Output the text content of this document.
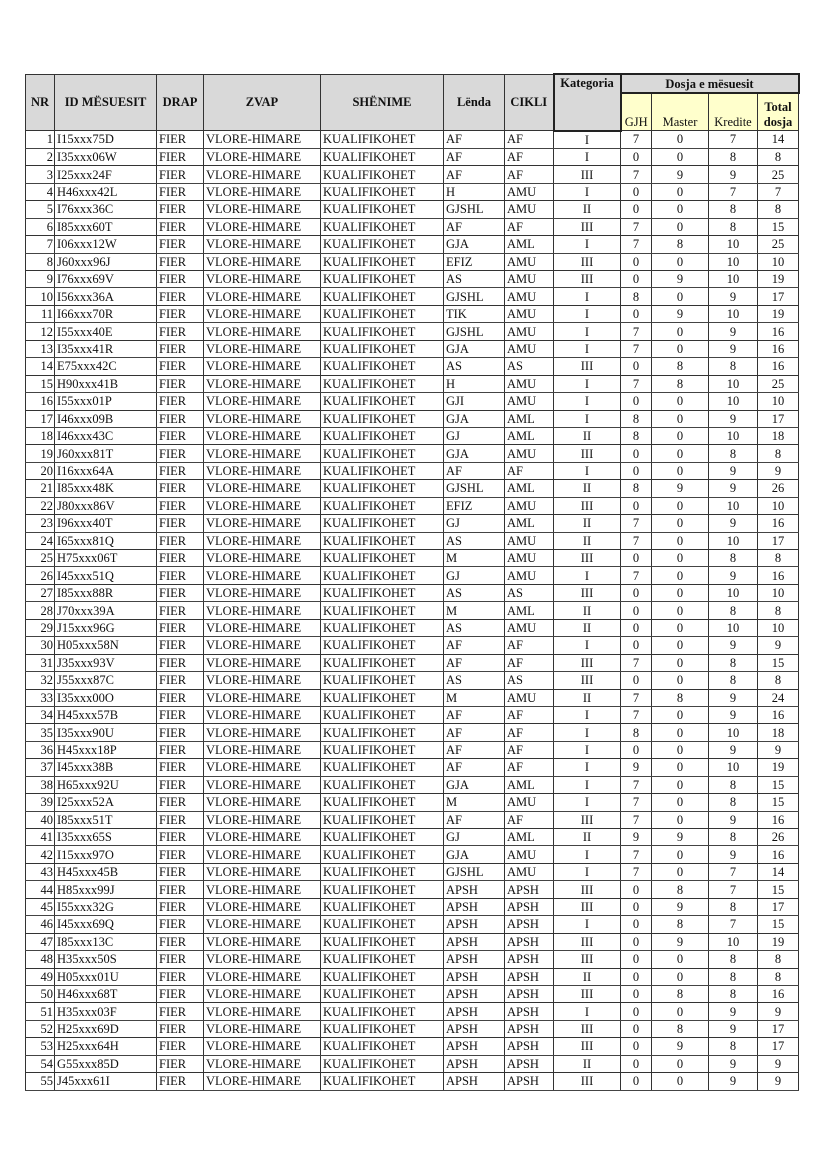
NR	ID MËSUESIT	DRAP	ZVAP	SHËNIME	Lënda	CIKLI	Kategoria	Dosja e mësuesit			
								GJH	Master	Kredite	Total dosja
1	I15xxx75D	FIER	VLORE-HIMARE	KUALIFIKOHET	AF	AF	I	7	0	7	14
2	I35xxx06W	FIER	VLORE-HIMARE	KUALIFIKOHET	AF	AF	I	0	0	8	8
3	I25xxx24F	FIER	VLORE-HIMARE	KUALIFIKOHET	AF	AF	III	7	9	9	25
4	H46xxx42L	FIER	VLORE-HIMARE	KUALIFIKOHET	H	AMU	I	0	0	7	7
5	I76xxx36C	FIER	VLORE-HIMARE	KUALIFIKOHET	GJSHL	AMU	II	0	0	8	8
6	I85xxx60T	FIER	VLORE-HIMARE	KUALIFIKOHET	AF	AF	III	7	0	8	15
7	I06xxx12W	FIER	VLORE-HIMARE	KUALIFIKOHET	GJA	AML	I	7	8	10	25
8	J60xxx96J	FIER	VLORE-HIMARE	KUALIFIKOHET	EFIZ	AMU	III	0	0	10	10
9	I76xxx69V	FIER	VLORE-HIMARE	KUALIFIKOHET	AS	AMU	III	0	9	10	19
10	I56xxx36A	FIER	VLORE-HIMARE	KUALIFIKOHET	GJSHL	AMU	I	8	0	9	17
11	I66xxx70R	FIER	VLORE-HIMARE	KUALIFIKOHET	TIK	AMU	I	0	9	10	19
12	I55xxx40E	FIER	VLORE-HIMARE	KUALIFIKOHET	GJSHL	AMU	I	7	0	9	16
13	I35xxx41R	FIER	VLORE-HIMARE	KUALIFIKOHET	GJA	AMU	I	7	0	9	16
14	E75xxx42C	FIER	VLORE-HIMARE	KUALIFIKOHET	AS	AS	III	0	8	8	16
15	H90xxx41B	FIER	VLORE-HIMARE	KUALIFIKOHET	H	AMU	I	7	8	10	25
16	I55xxx01P	FIER	VLORE-HIMARE	KUALIFIKOHET	GJI	AMU	I	0	0	10	10
17	I46xxx09B	FIER	VLORE-HIMARE	KUALIFIKOHET	GJA	AML	I	8	0	9	17
18	I46xxx43C	FIER	VLORE-HIMARE	KUALIFIKOHET	GJ	AML	II	8	0	10	18
19	J60xxx81T	FIER	VLORE-HIMARE	KUALIFIKOHET	GJA	AMU	III	0	0	8	8
20	I16xxx64A	FIER	VLORE-HIMARE	KUALIFIKOHET	AF	AF	I	0	0	9	9
21	I85xxx48K	FIER	VLORE-HIMARE	KUALIFIKOHET	GJSHL	AML	II	8	9	9	26
22	J80xxx86V	FIER	VLORE-HIMARE	KUALIFIKOHET	EFIZ	AMU	III	0	0	10	10
23	I96xxx40T	FIER	VLORE-HIMARE	KUALIFIKOHET	GJ	AML	II	7	0	9	16
24	I65xxx81Q	FIER	VLORE-HIMARE	KUALIFIKOHET	AS	AMU	II	7	0	10	17
25	H75xxx06T	FIER	VLORE-HIMARE	KUALIFIKOHET	M	AMU	III	0	0	8	8
26	I45xxx51Q	FIER	VLORE-HIMARE	KUALIFIKOHET	GJ	AMU	I	7	0	9	16
27	I85xxx88R	FIER	VLORE-HIMARE	KUALIFIKOHET	AS	AS	III	0	0	10	10
28	J70xxx39A	FIER	VLORE-HIMARE	KUALIFIKOHET	M	AML	II	0	0	8	8
29	J15xxx96G	FIER	VLORE-HIMARE	KUALIFIKOHET	AS	AMU	II	0	0	10	10
30	H05xxx58N	FIER	VLORE-HIMARE	KUALIFIKOHET	AF	AF	I	0	0	9	9
31	J35xxx93V	FIER	VLORE-HIMARE	KUALIFIKOHET	AF	AF	III	7	0	8	15
32	J55xxx87C	FIER	VLORE-HIMARE	KUALIFIKOHET	AS	AS	III	0	0	8	8
33	I35xxx00O	FIER	VLORE-HIMARE	KUALIFIKOHET	M	AMU	II	7	8	9	24
34	H45xxx57B	FIER	VLORE-HIMARE	KUALIFIKOHET	AF	AF	I	7	0	9	16
35	I35xxx90U	FIER	VLORE-HIMARE	KUALIFIKOHET	AF	AF	I	8	0	10	18
36	H45xxx18P	FIER	VLORE-HIMARE	KUALIFIKOHET	AF	AF	I	0	0	9	9
37	I45xxx38B	FIER	VLORE-HIMARE	KUALIFIKOHET	AF	AF	I	9	0	10	19
38	H65xxx92U	FIER	VLORE-HIMARE	KUALIFIKOHET	GJA	AML	I	7	0	8	15
39	I25xxx52A	FIER	VLORE-HIMARE	KUALIFIKOHET	M	AMU	I	7	0	8	15
40	I85xxx51T	FIER	VLORE-HIMARE	KUALIFIKOHET	AF	AF	III	7	0	9	16
41	I35xxx65S	FIER	VLORE-HIMARE	KUALIFIKOHET	GJ	AML	II	9	9	8	26
42	I15xxx97O	FIER	VLORE-HIMARE	KUALIFIKOHET	GJA	AMU	I	7	0	9	16
43	H45xxx45B	FIER	VLORE-HIMARE	KUALIFIKOHET	GJSHL	AMU	I	7	0	7	14
44	H85xxx99J	FIER	VLORE-HIMARE	KUALIFIKOHET	APSH	APSH	III	0	8	7	15
45	I55xxx32G	FIER	VLORE-HIMARE	KUALIFIKOHET	APSH	APSH	III	0	9	8	17
46	I45xxx69Q	FIER	VLORE-HIMARE	KUALIFIKOHET	APSH	APSH	I	0	8	7	15
47	I85xxx13C	FIER	VLORE-HIMARE	KUALIFIKOHET	APSH	APSH	III	0	9	10	19
48	H35xxx50S	FIER	VLORE-HIMARE	KUALIFIKOHET	APSH	APSH	III	0	0	8	8
49	H05xxx01U	FIER	VLORE-HIMARE	KUALIFIKOHET	APSH	APSH	II	0	0	8	8
50	H46xxx68T	FIER	VLORE-HIMARE	KUALIFIKOHET	APSH	APSH	III	0	8	8	16
51	H35xxx03F	FIER	VLORE-HIMARE	KUALIFIKOHET	APSH	APSH	I	0	0	9	9
52	H25xxx69D	FIER	VLORE-HIMARE	KUALIFIKOHET	APSH	APSH	III	0	8	9	17
53	H25xxx64H	FIER	VLORE-HIMARE	KUALIFIKOHET	APSH	APSH	III	0	9	8	17
54	G55xxx85D	FIER	VLORE-HIMARE	KUALIFIKOHET	APSH	APSH	II	0	0	9	9
55	J45xxx61I	FIER	VLORE-HIMARE	KUALIFIKOHET	APSH	APSH	III	0	0	9	9
